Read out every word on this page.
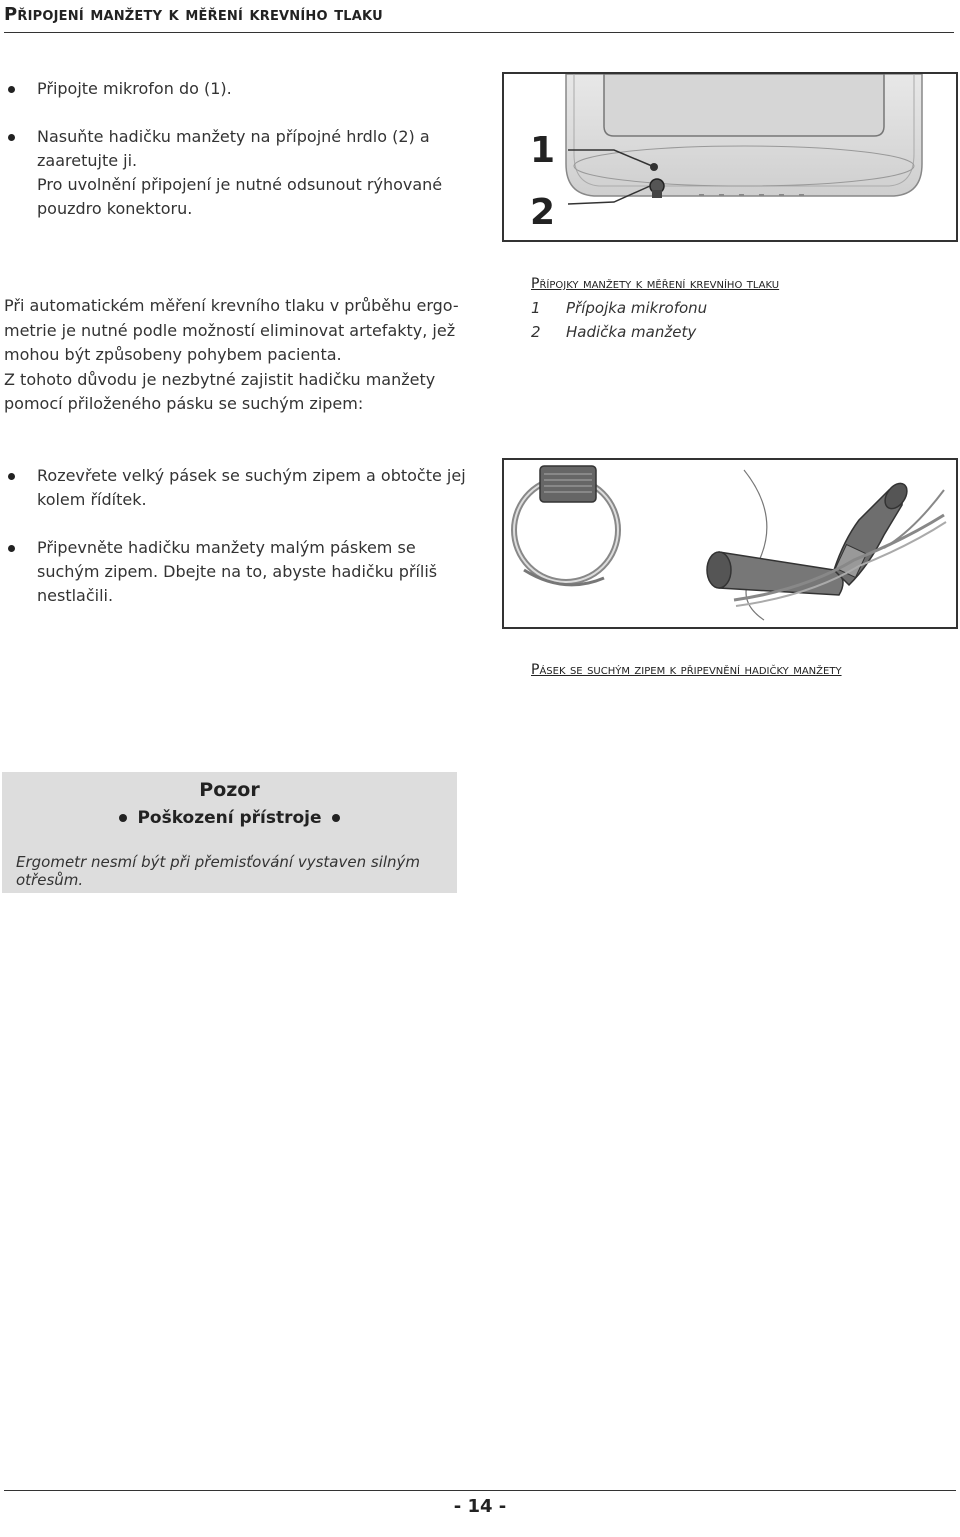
Připojení manžety k měření krevního tlaku
Připojte mikrofon do (1).
Nasuňte hadičku manžety na přípojné hrdlo (2) a
zaaretujte ji.
Pro uvolnění připojení je nutné odsunout rýhované
pouzdro konektoru.
1
2

Při automatickém měření krevního tlaku v průběhu ergo-

metrie je nutné podle možností eliminovat artefakty, jež

mohou být způsobeny pohybem pacienta.

Z tohoto důvodu je nezbytné zajistit hadičku manžety

pomocí přiloženého pásku se suchým zipem:

Přípojky manžety k měření krevního tlaku
1 Přípojka mikrofonu
2 Hadička manžety
Rozevřete velký pásek se suchým zipem a obtočte jej
kolem řídítek.
Připevněte hadičku manžety malým páskem se
suchým zipem. Dbejte na to, abyste hadičku příliš
nestlačili.
Pásek se suchým zipem k připevnění hadičky manžety
Pozor
Poškození přístroje
Ergometr nesmí být při přemisťování vystaven silným otřesům.
- 14 -
